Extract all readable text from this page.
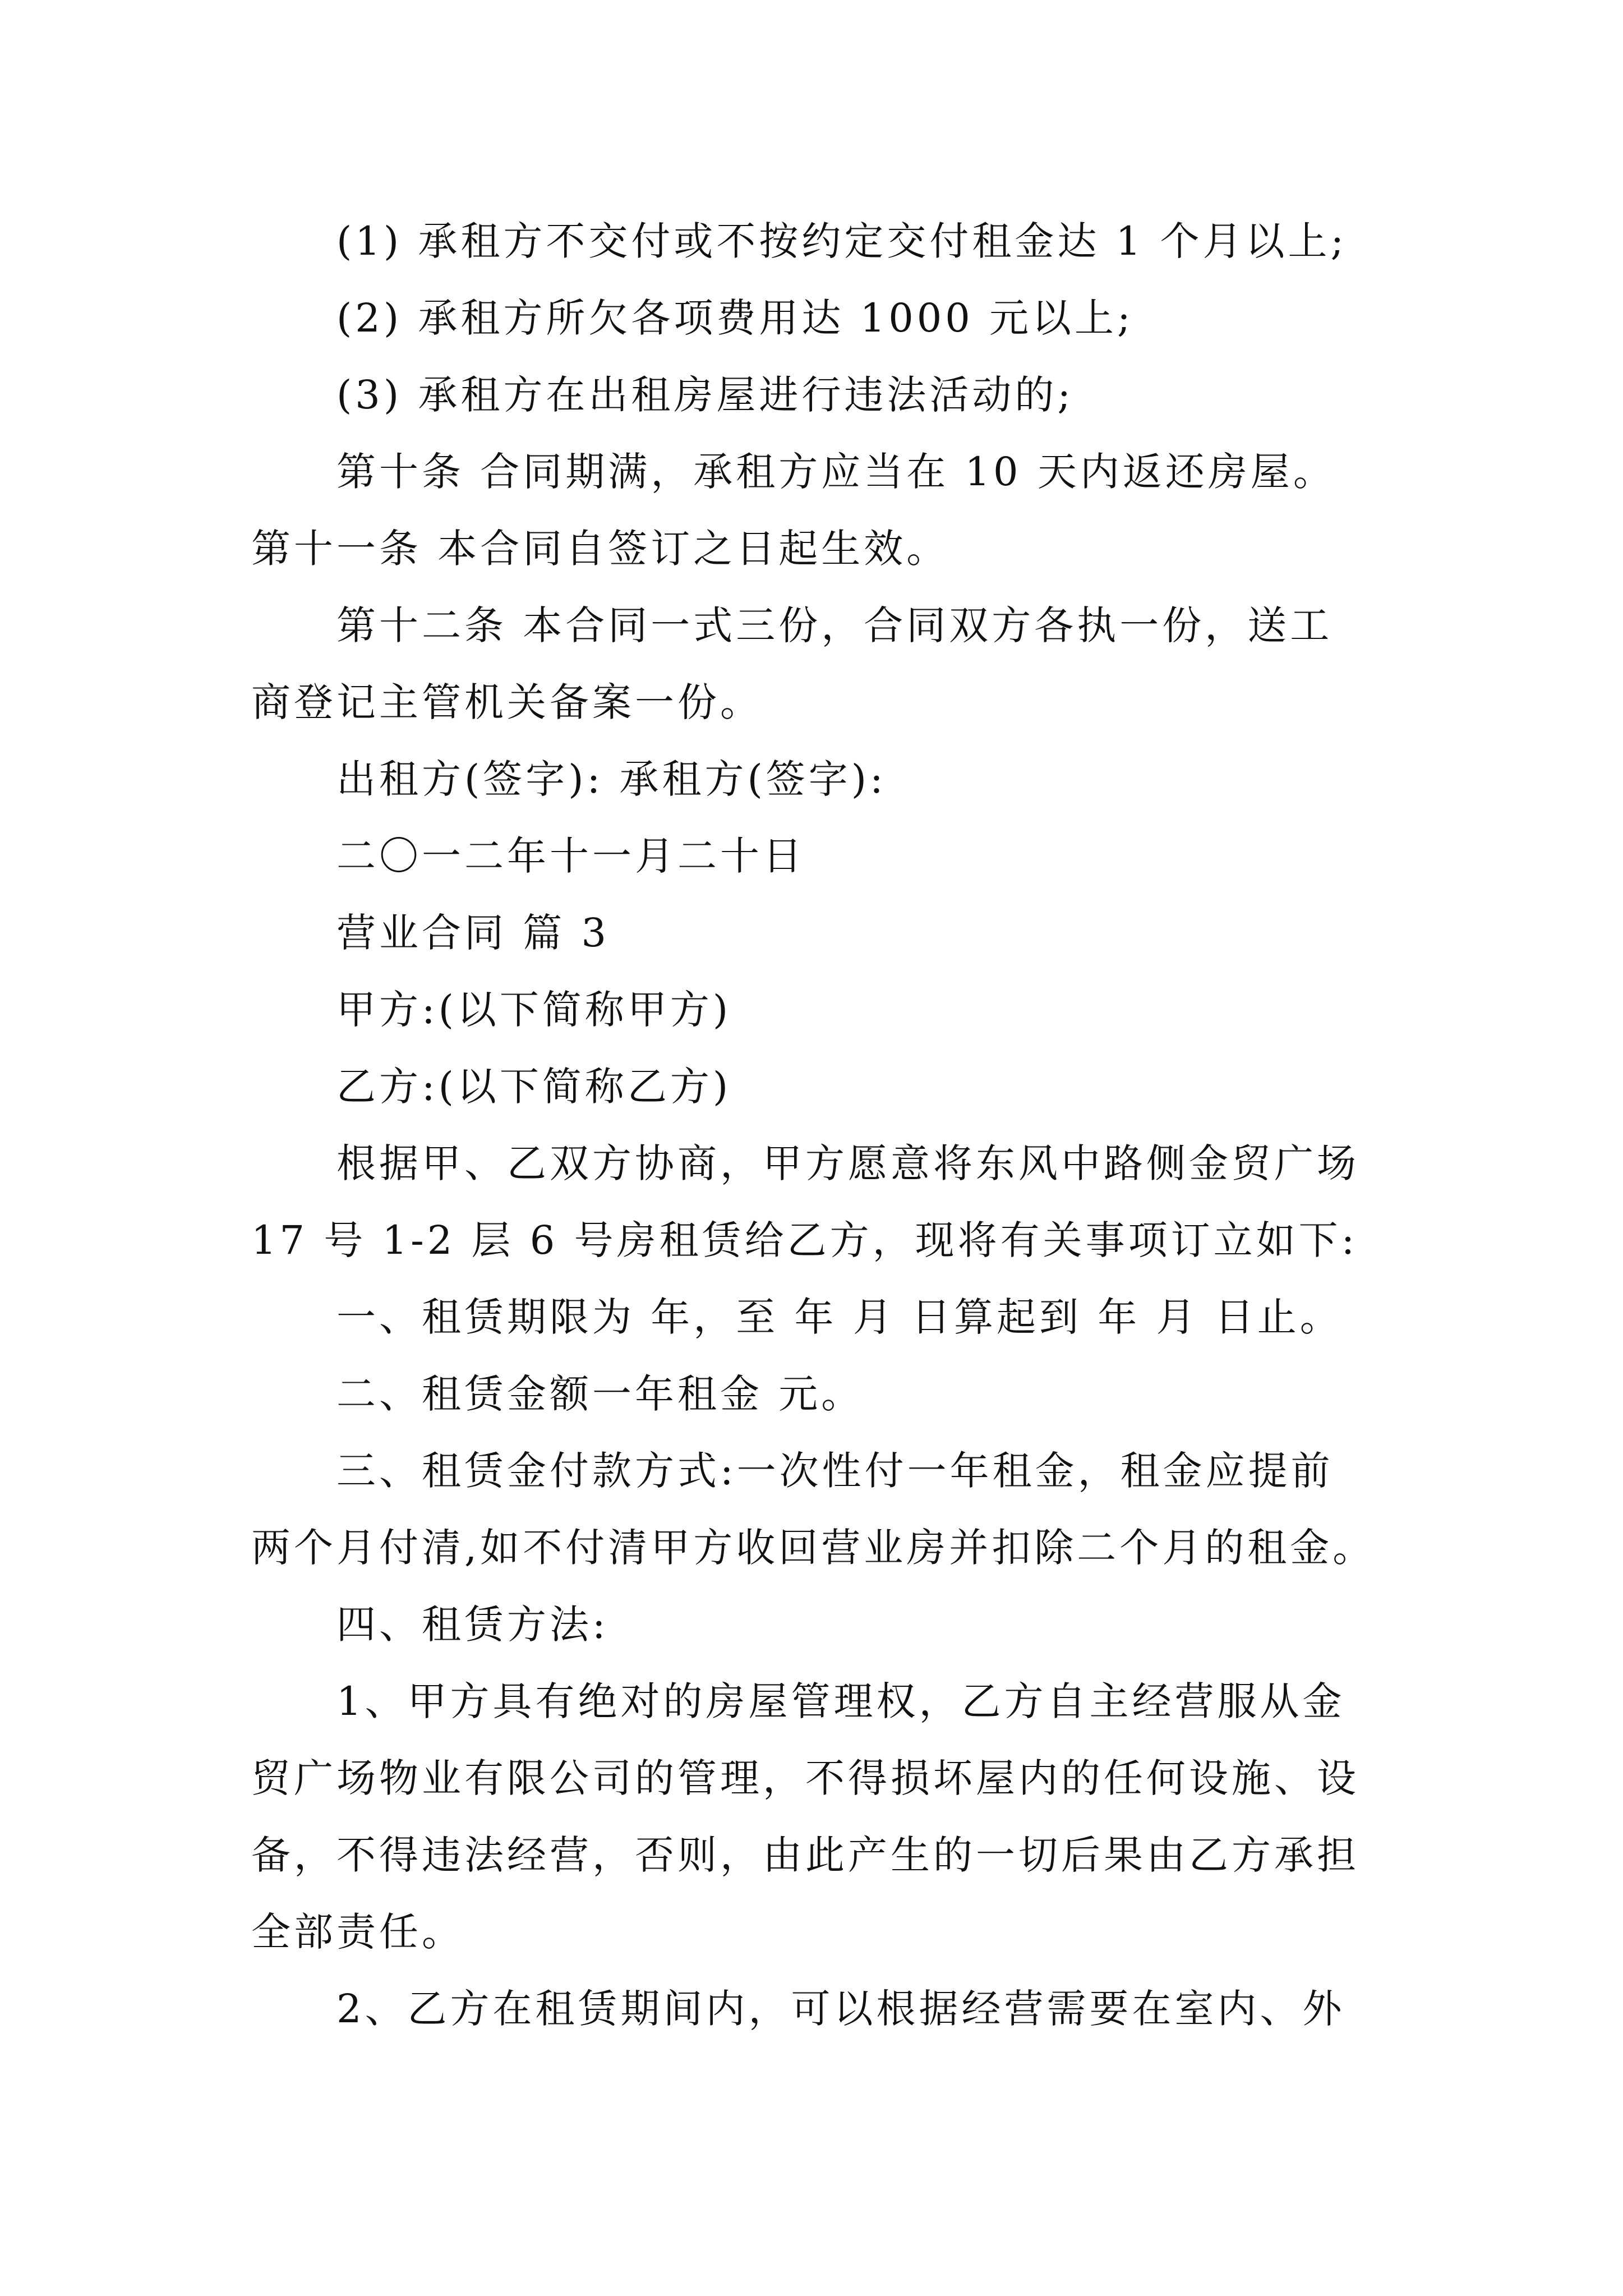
(1) 承租方不交付或不按约定交付租金达 1 个月以上;

(2) 承租方所欠各项费用达 1000 元以上;

(3) 承租方在出租房屋进行违法活动的;

第十条 合同期满，承租方应当在 10 天内返还房屋。

第十一条 本合同自签订之日起生效。

第十二条 本合同一式三份，合同双方各执一份，送工

商登记主管机关备案一份。

出租方(签字): 承租方(签字):

二〇一二年十一月二十日

营业合同 篇 3

甲方:(以下简称甲方)

乙方:(以下简称乙方)

根据甲、乙双方协商，甲方愿意将东风中路侧金贸广场

17 号 1-2 层 6 号房租赁给乙方，现将有关事项订立如下:

一、租赁期限为 年，至 年 月 日算起到 年 月 日止。

二、租赁金额一年租金 元。

三、租赁金付款方式:一次性付一年租金，租金应提前

两个月付清,如不付清甲方收回营业房并扣除二个月的租金。

四、租赁方法:

1、甲方具有绝对的房屋管理权，乙方自主经营服从金

贸广场物业有限公司的管理，不得损坏屋内的任何设施、设

备，不得违法经营，否则，由此产生的一切后果由乙方承担

全部责任。

2、乙方在租赁期间内，可以根据经营需要在室内、外
